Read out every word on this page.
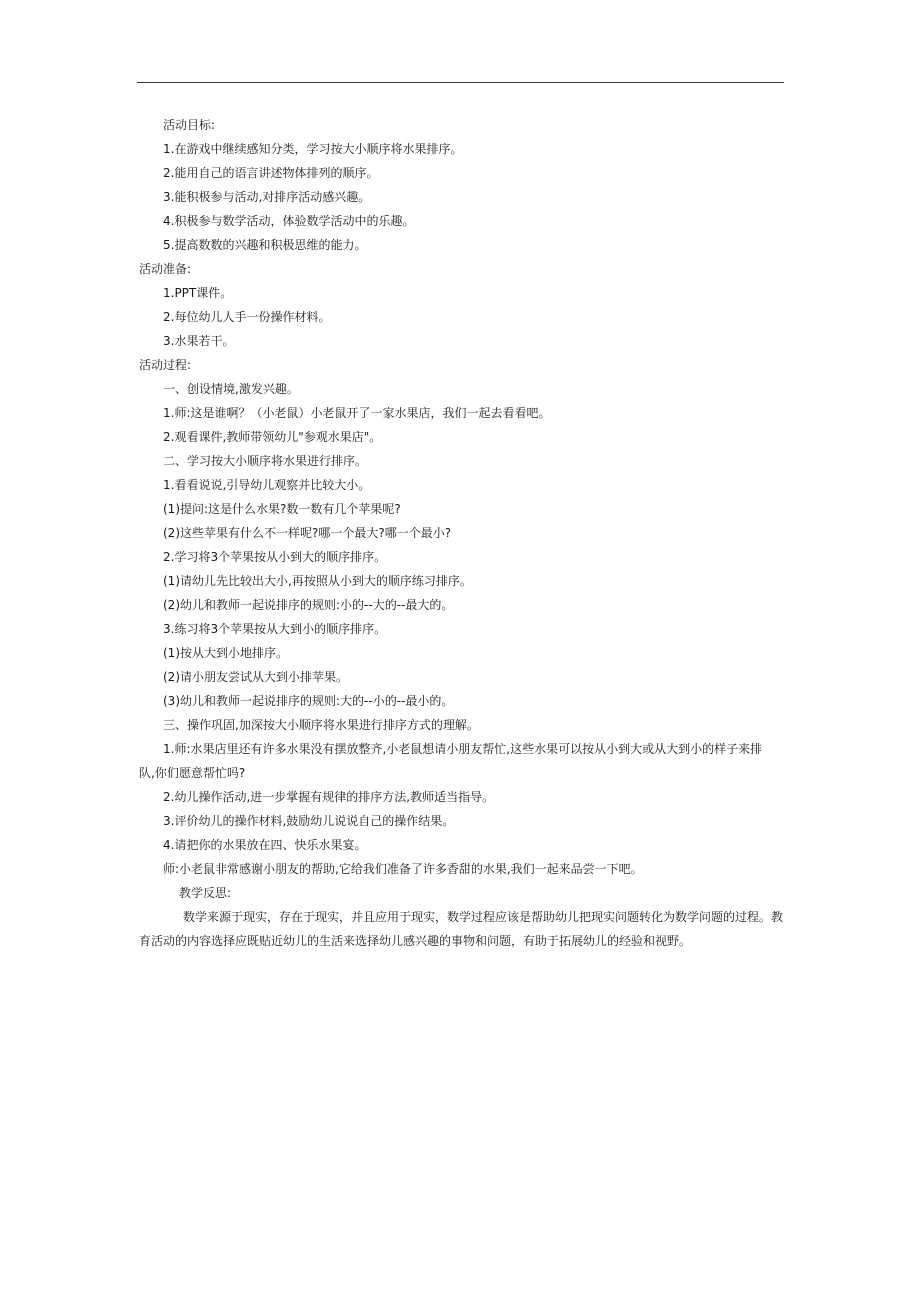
活动目标:
1.在游戏中继续感知分类，学习按大小顺序将水果排序。
2.能用自己的语言讲述物体排列的顺序。
3.能积极参与活动,对排序活动感兴趣。
4.积极参与数学活动，体验数学活动中的乐趣。
5.提高数数的兴趣和积极思维的能力。
活动准备:
1.PPT课件。
2.每位幼儿人手一份操作材料。
3.水果若干。
活动过程:
一、创设情境,激发兴趣。
1.师:这是谁啊？（小老鼠）小老鼠开了一家水果店，我们一起去看看吧。
2.观看课件,教师带领幼儿"参观水果店"。
二、学习按大小顺序将水果进行排序。
1.看看说说,引导幼儿观察并比较大小。
(1)提问:这是什么水果?数一数有几个苹果呢?
(2)这些苹果有什么不一样呢?哪一个最大?哪一个最小?
2.学习将3个苹果按从小到大的顺序排序。
(1)请幼儿先比较出大小,再按照从小到大的顺序练习排序。
(2)幼儿和教师一起说排序的规则:小的--大的--最大的。
3.练习将3个苹果按从大到小的顺序排序。
(1)按从大到小地排序。
(2)请小朋友尝试从大到小排苹果。
(3)幼儿和教师一起说排序的规则:大的--小的--最小的。
三、操作巩固,加深按大小顺序将水果进行排序方式的理解。
1.师:水果店里还有许多水果没有摆放整齐,小老鼠想请小朋友帮忙,这些水果可以按从小到大或从大到小的样子来排
队,你们愿意帮忙吗?
2.幼儿操作活动,进一步掌握有规律的排序方法,教师适当指导。
3.评价幼儿的操作材料,鼓励幼儿说说自己的操作结果。
4.请把你的水果放在四、快乐水果宴。
师:小老鼠非常感谢小朋友的帮助,它给我们准备了许多香甜的水果,我们一起来品尝一下吧。
教学反思:
数学来源于现实，存在于现实，并且应用于现实，数学过程应该是帮助幼儿把现实问题转化为数学问题的过程。教育活动的内容选择应既贴近幼儿的生活来选择幼儿感兴趣的事物和问题，有助于拓展幼儿的经验和视野。
